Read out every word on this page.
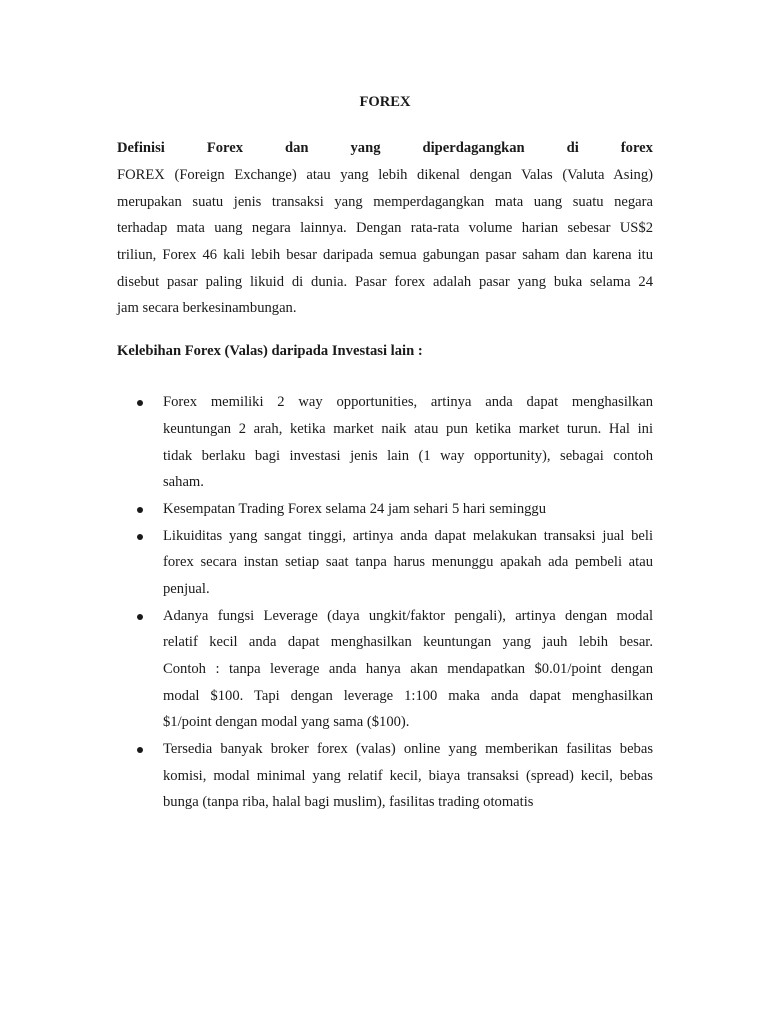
FOREX
Definisi	Forex	dan	yang	diperdagangkan	di	forex
FOREX (Foreign Exchange) atau yang lebih dikenal dengan Valas (Valuta Asing)
merupakan suatu jenis transaksi yang memperdagangkan mata uang suatu negara
terhadap mata uang negara lainnya. Dengan rata-rata volume harian sebesar US$2
triliun, Forex 46 kali lebih besar daripada semua gabungan pasar saham dan karena itu
disebut pasar paling likuid di dunia. Pasar forex adalah pasar yang buka selama 24
jam secara berkesinambungan.
Kelebihan Forex (Valas) daripada Investasi lain :
Forex memiliki 2 way opportunities, artinya anda dapat menghasilkan
keuntungan 2 arah, ketika market naik atau pun ketika market turun. Hal ini
tidak berlaku bagi investasi jenis lain (1 way opportunity), sebagai contoh
saham.
Kesempatan Trading Forex selama 24 jam sehari 5 hari seminggu
Likuiditas yang sangat tinggi, artinya anda dapat melakukan transaksi jual beli
forex secara instan setiap saat tanpa harus menunggu apakah ada pembeli atau
penjual.
Adanya fungsi Leverage (daya ungkit/faktor pengali), artinya dengan modal
relatif kecil anda dapat menghasilkan keuntungan yang jauh lebih besar.
Contoh : tanpa leverage anda hanya akan mendapatkan $0.01/point dengan
modal $100. Tapi dengan leverage 1:100 maka anda dapat menghasilkan
$1/point dengan modal yang sama ($100).
Tersedia banyak broker forex (valas) online yang memberikan fasilitas bebas
komisi, modal minimal yang relatif kecil, biaya transaksi (spread) kecil, bebas
bunga (tanpa riba, halal bagi muslim), fasilitas trading otomatis
